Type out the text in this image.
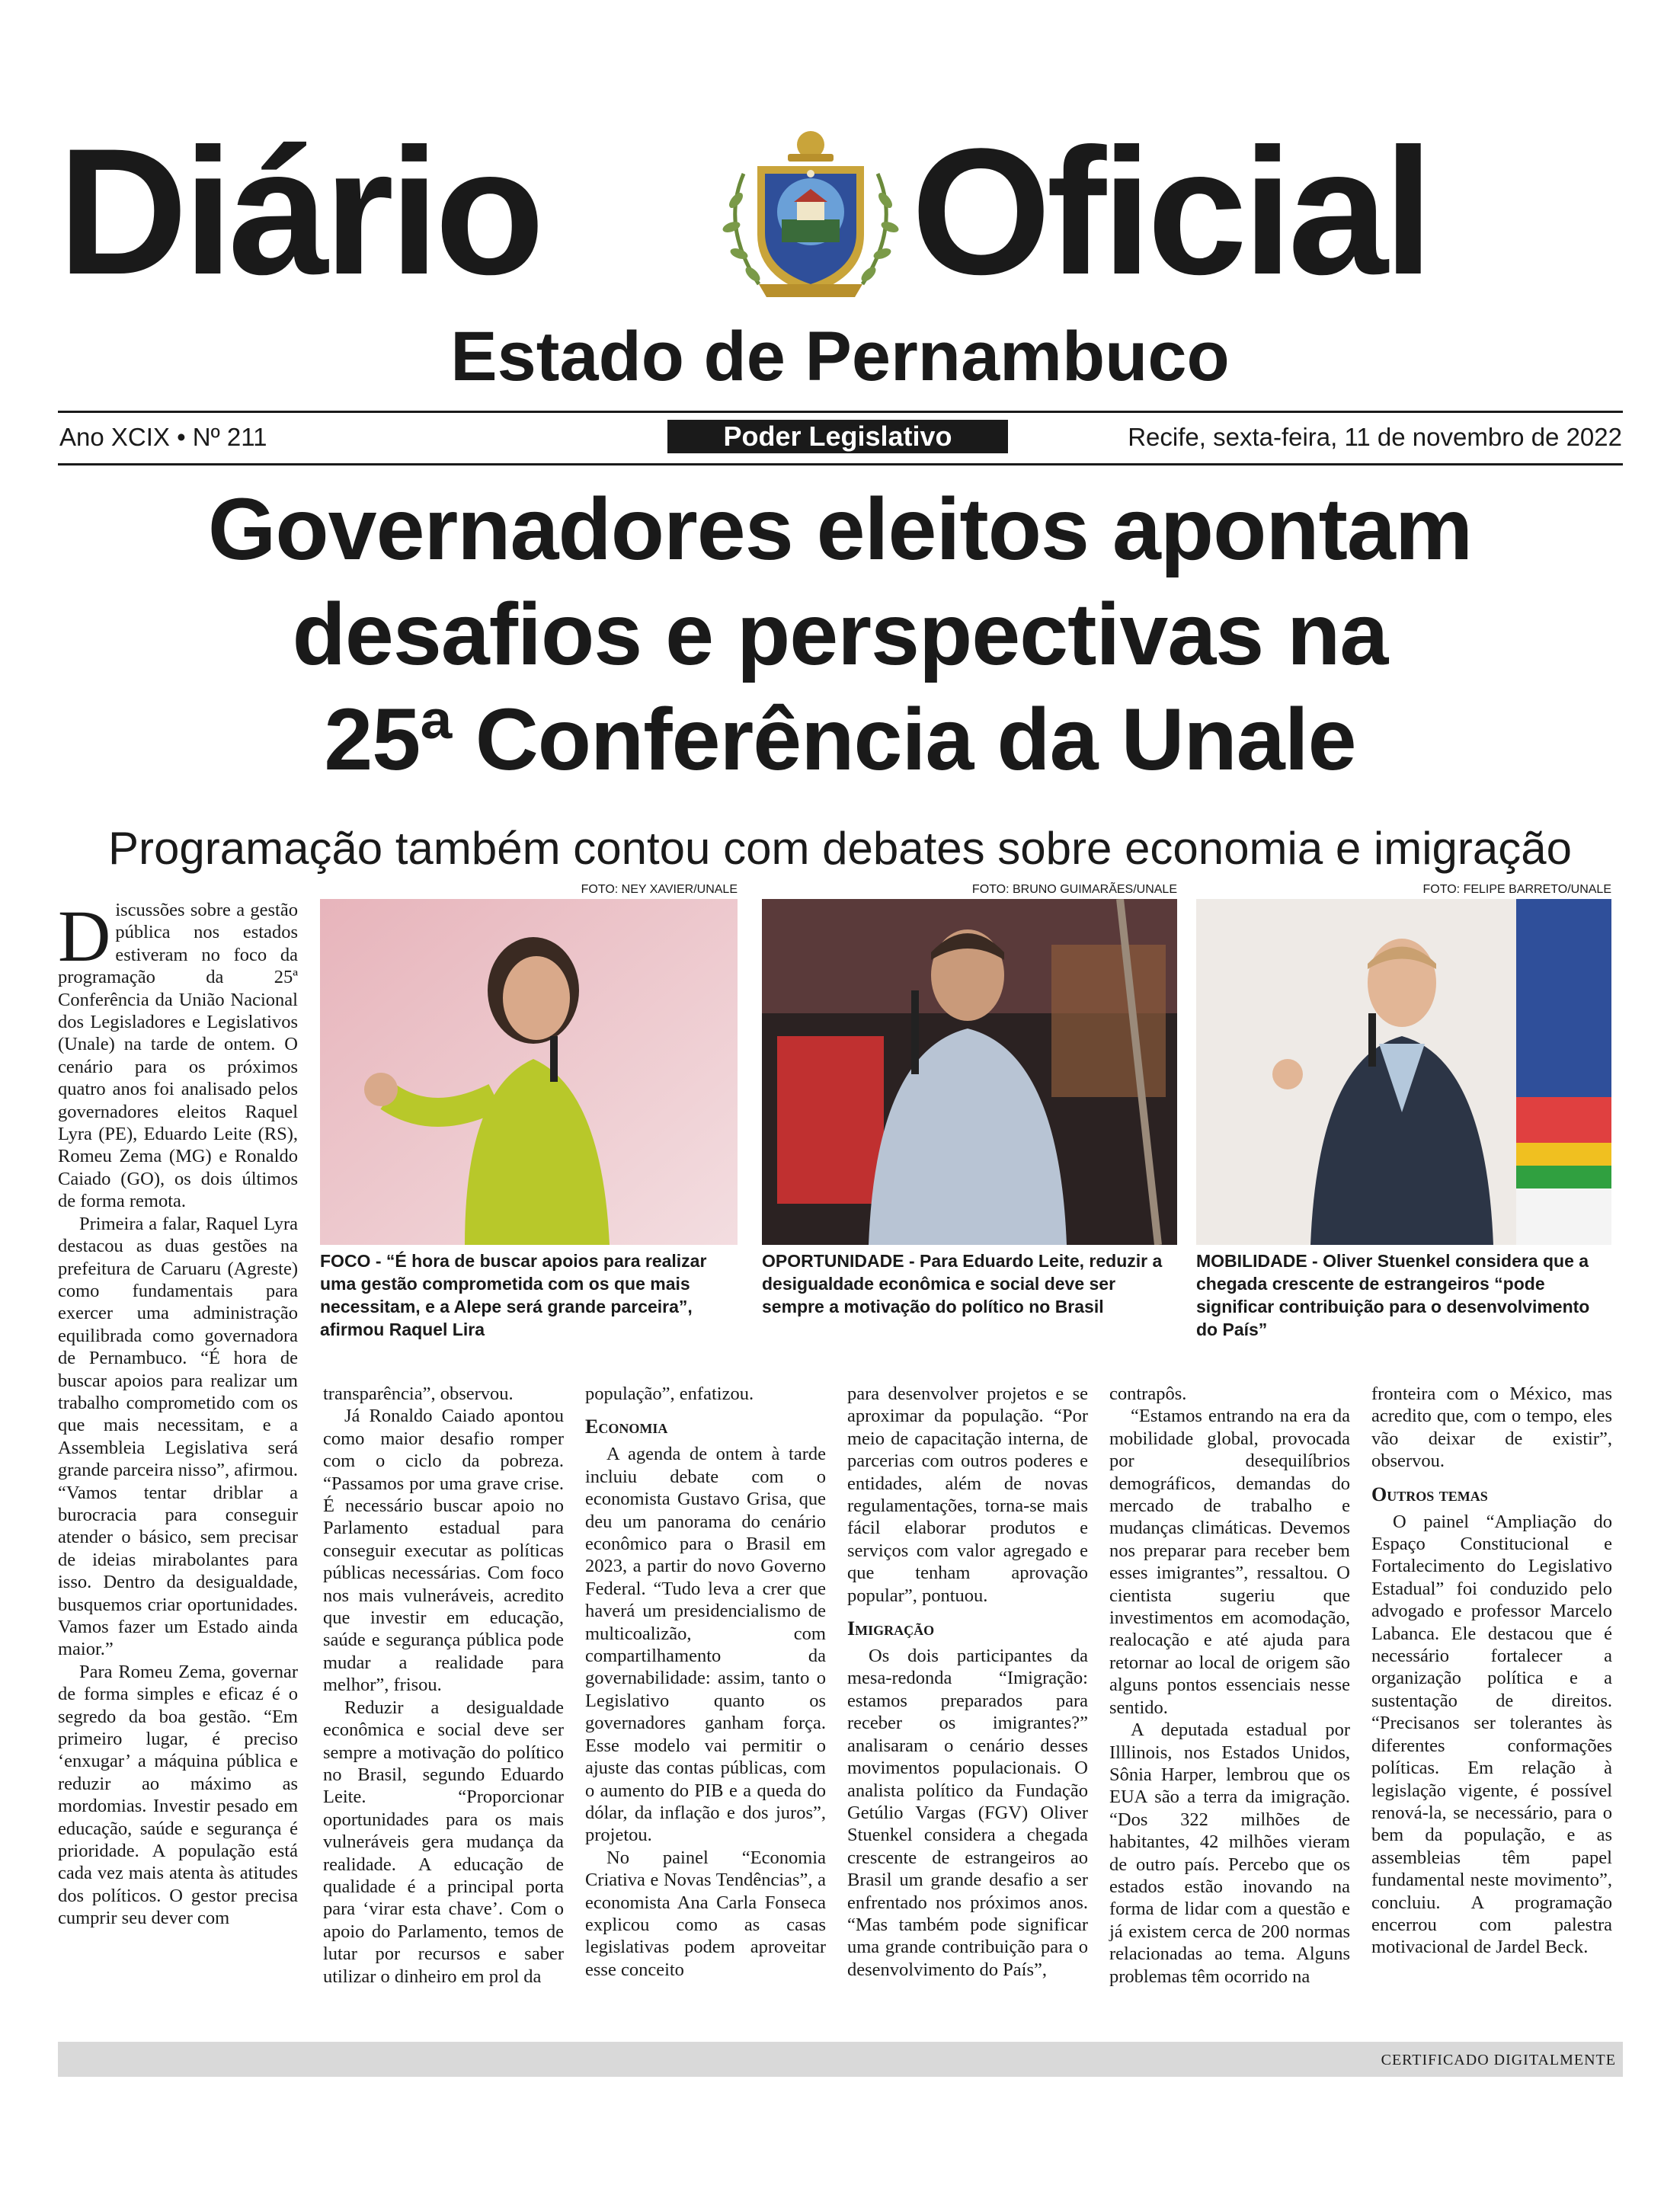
Diário	Oficial
Estado de Pernambuco
Ano XCIX • Nº 211	Poder Legislativo	Recife, sexta-feira, 11 de novembro de 2022
Governadores eleitos apontam
desafios e perspectivas na
25ª Conferência da Unale
Programação também contou com debates sobre economia e imigração
FOTO: NEY XAVIER/UNALE
FOCO - “É hora de buscar apoios para realizar uma gestão comprometida com os que mais necessitam, e a Alepe será grande parceira”, afirmou Raquel Lira
FOTO: BRUNO GUIMARÃES/UNALE
OPORTUNIDADE - Para Eduardo Leite, reduzir a desigualdade econômica e social deve ser sempre a motivação do político no Brasil
FOTO: FELIPE BARRETO/UNALE
MOBILIDADE - Oliver Stuenkel considera que a chegada crescente de estrangeiros “pode significar contribuição para o desenvolvimento do País”

Discussões sobre a gestão pública nos estados estiveram no foco da programação da 25ª Conferência da União Nacional dos Legisladores e Legislativos (Unale) na tarde de ontem. O cenário para os próximos quatro anos foi analisado pelos governadores eleitos Raquel Lyra (PE), Eduardo Leite (RS), Romeu Zema (MG) e Ronaldo Caiado (GO), os dois últimos de forma remota.

Primeira a falar, Raquel Lyra destacou as duas gestões na prefeitura de Caruaru (Agreste) como fundamentais para exercer uma administração equilibrada como governadora de Pernambuco. “É hora de buscar apoios para realizar um trabalho comprometido com os que mais necessitam, e a Assembleia Legislativa será grande parceira nisso”, afirmou. “Vamos tentar driblar a burocracia para conseguir atender o básico, sem precisar de ideias mirabolantes para isso. Dentro da desigualdade, busquemos criar oportunidades. Vamos fazer um Estado ainda maior.”

Para Romeu Zema, governar de forma simples e eficaz é o segredo da boa gestão. “Em primeiro lugar, é preciso ‘enxugar’ a máquina pública e reduzir ao máximo as mordomias. Investir pesado em educação, saúde e segurança é prioridade. A população está cada vez mais atenta às atitudes dos políticos. O gestor precisa cumprir seu dever com

transparência”, observou.

Já Ronaldo Caiado apontou como maior desafio romper com o ciclo da pobreza. “Passamos por uma grave crise. É necessário buscar apoio no Parlamento estadual para conseguir executar as políticas públicas necessárias. Com foco nos mais vulneráveis, acredito que investir em educação, saúde e segurança pública pode mudar a realidade para melhor”, frisou.

Reduzir a desigualdade econômica e social deve ser sempre a motivação do político no Brasil, segundo Eduardo Leite. “Proporcionar oportunidades para os mais vulneráveis gera mudança da realidade. A educação de qualidade é a principal porta para ‘virar esta chave’. Com o apoio do Parlamento, temos de lutar por recursos e saber utilizar o dinheiro em prol da

população”, enfatizou.

Economia

A agenda de ontem à tarde incluiu debate com o economista Gustavo Grisa, que deu um panorama do cenário econômico para o Brasil em 2023, a partir do novo Governo Federal. “Tudo leva a crer que haverá um presidencialismo de multicoalizão, com compartilhamento da governabilidade: assim, tanto o Legislativo quanto os governadores ganham força. Esse modelo vai permitir o ajuste das contas públicas, com o aumento do PIB e a queda do dólar, da inflação e dos juros”, projetou.

No painel “Economia Criativa e Novas Tendências”, a economista Ana Carla Fonseca explicou como as casas legislativas podem aproveitar esse conceito

para desenvolver projetos e se aproximar da população. “Por meio de capacitação interna, de parcerias com outros poderes e entidades, além de novas regulamentações, torna-se mais fácil elaborar produtos e serviços com valor agregado e que tenham aprovação popular”, pontuou.

Imigração

Os dois participantes da mesa-redonda “Imigração: estamos preparados para receber os imigrantes?” analisaram o cenário desses movimentos populacionais. O analista político da Fundação Getúlio Vargas (FGV) Oliver Stuenkel considera a chegada crescente de estrangeiros ao Brasil um grande desafio a ser enfrentado nos próximos anos. “Mas também pode significar uma grande contribuição para o desenvolvimento do País”,

contrapôs.

“Estamos entrando na era da mobilidade global, provocada por desequilíbrios demográficos, demandas do mercado de trabalho e mudanças climáticas. Devemos nos preparar para receber bem esses imigrantes”, ressaltou. O cientista sugeriu que investimentos em acomodação, realocação e até ajuda para retornar ao local de origem são alguns pontos essenciais nesse sentido.

A deputada estadual por Illlinois, nos Estados Unidos, Sônia Harper, lembrou que os EUA são a terra da imigração. “Dos 322 milhões de habitantes, 42 milhões vieram de outro país. Percebo que os estados estão inovando na forma de lidar com a questão e já existem cerca de 200 normas relacionadas ao tema. Alguns problemas têm ocorrido na

fronteira com o México, mas acredito que, com o tempo, eles vão deixar de existir”, observou.

Outros temas

O painel “Ampliação do Espaço Constitucional e Fortalecimento do Legislativo Estadual” foi conduzido pelo advogado e professor Marcelo Labanca. Ele destacou que é necessário fortalecer a organização política e a sustentação de direitos. “Precisanos ser tolerantes às diferentes conformações políticas. Em relação à legislação vigente, é possível renová-la, se necessário, para o bem da população, e as assembleias têm papel fundamental neste movimento”, concluiu. A programação encerrou com palestra motivacional de Jardel Beck.

CERTIFICADO DIGITALMENTE
